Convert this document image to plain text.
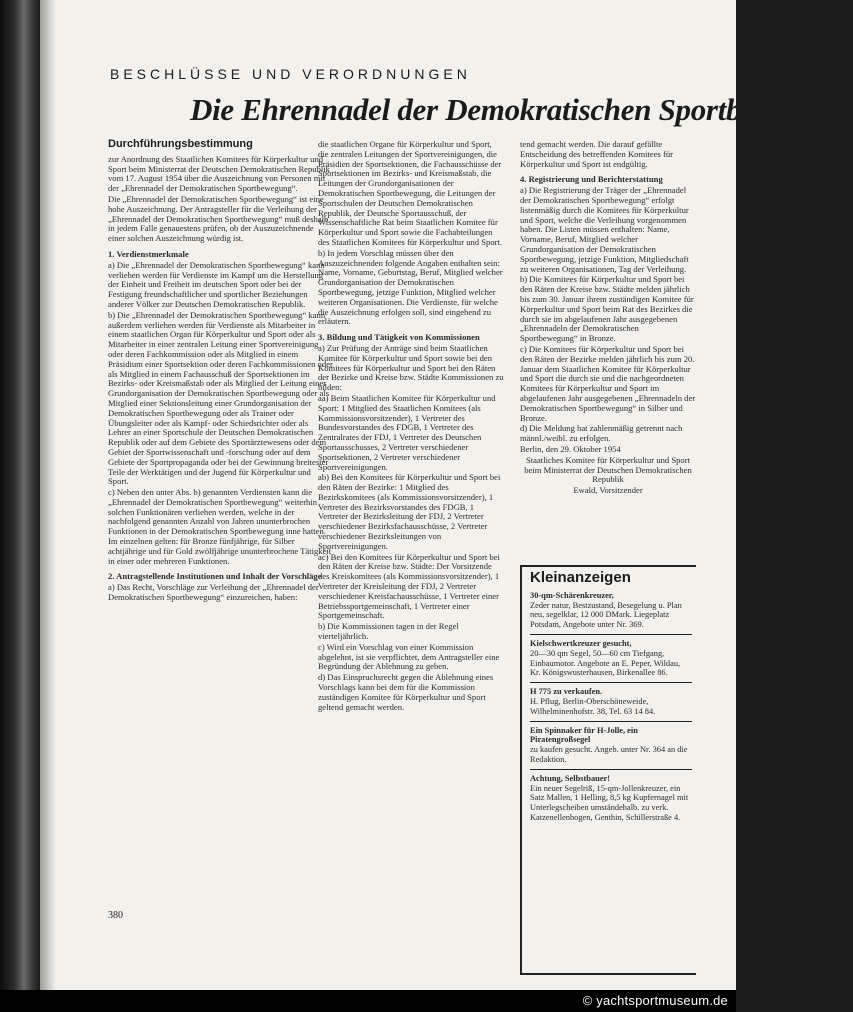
BESCHLÜSSE UND VERORDNUNGEN
Die Ehrennadel der Demokratischen Sportbewegung

Durchführungsbestimmung

zur Anordnung des Staatlichen Komitees für Körperkultur und Sport beim Ministerrat der Deutschen Demokratischen Republik vom 17. August 1954 über die Auszeichnung von Personen mit der „Ehrennadel der Demokratischen Sportbewegung“.

Die „Ehrennadel der Demokratischen Sportbewegung“ ist eine hohe Auszeichnung. Der Antragsteller für die Verleihung der „Ehrennadel der Demokratischen Sportbewegung“ muß deshalb in jedem Falle genauestens prüfen, ob der Auszuzeichnende einer solchen Auszeichnung würdig ist.

1. Verdienstmerkmale

a) Die „Ehrennadel der Demokratischen Sportbewegung“ kann verliehen werden für Verdienste im Kampf um die Herstellung der Einheit und Freiheit im deutschen Sport oder bei der Festigung freundschaftlicher und sportlicher Beziehungen anderer Völker zur Deutschen Demokratischen Republik.

b) Die „Ehrennadel der Demokratischen Sportbewegung“ kann außerdem verliehen werden für Verdienste als Mitarbeiter in einem staatlichen Organ für Körperkultur und Sport oder als Mitarbeiter in einer zentralen Leitung einer Sportvereinigung oder deren Fachkommission oder als Mitglied in einem Präsidium einer Sportsektion oder deren Fachkommissionen oder als Mitglied in einem Fachausschuß der Sportsektionen im Bezirks- oder Kreismaßstab oder als Mitglied der Leitung einer Grundorganisation der Demokratischen Sportbewegung oder als Mitglied einer Sektionsleitung einer Grundorganisation der Demokratischen Sportbewegung oder als Trainer oder Übungsleiter oder als Kampf- oder Schiedsrichter oder als Lehrer an einer Sportschule der Deutschen Demokratischen Republik oder auf dem Gebiete des Sportärztewesens oder dem Gebiet der Sportwissenschaft und -forschung oder auf dem Gebiete der Sportpropaganda oder bei der Gewinnung breitester Teile der Werktätigen und der Jugend für Körperkultur und Sport.

c) Neben den unter Abs. b) genannten Verdiensten kann die „Ehrennadel der Demokratischen Sportbewegung“ weiterhin solchen Funktionären verliehen werden, welche in der nachfolgend genannten Anzahl von Jahren ununterbrochen Funktionen in der Demokratischen Sportbewegung inne hatten. Im einzelnen gelten: für Bronze fünfjährige, für Silber achtjährige und für Gold zwölfjährige ununterbrochene Tätigkeit in einer oder mehreren Funktionen.

2. Antragstellende Institutionen und Inhalt der Vorschläge

a) Das Recht, Vorschläge zur Verleihung der „Ehrennadel der Demokratischen Sportbewegung“ einzureichen, haben:

die staatlichen Organe für Körperkultur und Sport, die zentralen Leitungen der Sportvereinigungen, die Präsidien der Sportsektionen, die Fachausschüsse der Sportsektionen im Bezirks- und Kreismaßstab, die Leitungen der Grundorganisationen der Demokratischen Sportbewegung, die Leitungen der Sportschulen der Deutschen Demokratischen Republik, der Deutsche Sportausschuß, der Wissenschaftliche Rat beim Staatlichen Komitee für Körperkultur und Sport sowie die Fachabteilungen des Staatlichen Komitees für Körperkultur und Sport.

b) In jedem Vorschlag müssen über den Auszuzeichnenden folgende Angaben enthalten sein: Name, Vorname, Geburtstag, Beruf, Mitglied welcher Grundorganisation der Demokratischen Sportbewegung, jetzige Funktion, Mitglied welcher weiteren Organisationen. Die Verdienste, für welche die Auszeichnung erfolgen soll, sind eingehend zu erläutern.

3. Bildung und Tätigkeit von Kommissionen

a) Zur Prüfung der Anträge sind beim Staatlichen Komitee für Körperkultur und Sport sowie bei den Komitees für Körperkultur und Sport bei den Räten der Bezirke und Kreise bzw. Städte Kommissionen zu bilden:

aa) Beim Staatlichen Komitee für Körperkultur und Sport: 1 Mitglied des Staatlichen Komitees (als Kommissionsvorsitzender), 1 Vertreter des Bundesvorstandes des FDGB, 1 Vertreter des Zentralrates der FDJ, 1 Vertreter des Deutschen Sportausschusses, 2 Vertreter verschiedener Sportsektionen, 2 Vertreter verschiedener Sportvereinigungen.

ab) Bei den Komitees für Körperkultur und Sport bei den Räten der Bezirke: 1 Mitglied des Bezirkskomitees (als Kommissionsvorsitzender), 1 Vertreter des Bezirksvorstandes des FDGB, 1 Vertreter der Bezirksleitung der FDJ, 2 Vertreter verschiedener Bezirksfachausschüsse, 2 Vertreter verschiedener Bezirksleitungen von Sportvereinigungen.

ac) Bei den Komitees für Körperkultur und Sport bei den Räten der Kreise bzw. Städte: Der Vorsitzende des Kreiskomitees (als Kommissionsvorsitzender), 1 Vertreter der Kreisleitung der FDJ, 2 Vertreter verschiedener Kreisfachausschüsse, 1 Vertreter einer Betriebssportgemeinschaft, 1 Vertreter einer Sportgemeinschaft.

b) Die Kommissionen tagen in der Regel vierteljährlich.

c) Wird ein Vorschlag von einer Kommission abgelehnt, ist sie verpflichtet, dem Antragsteller eine Begründung der Ablehnung zu geben.

d) Das Einspruchsrecht gegen die Ablehnung eines Vorschlags kann bei dem für die Kommission zuständigen Komitee für Körperkultur und Sport geltend gemacht werden.

tend gemacht werden. Die darauf gefällte Entscheidung des betreffenden Komitees für Körperkultur und Sport ist endgültig.

4. Registrierung und Berichterstattung

a) Die Registrierung der Träger der „Ehrennadel der Demokratischen Sportbewegung“ erfolgt listenmäßig durch die Komitees für Körperkultur und Sport, welche die Verleihung vorgenommen haben. Die Listen müssen enthalten: Name, Vorname, Beruf, Mitglied welcher Grundorganisation der Demokratischen Sportbewegung, jetzige Funktion, Mitgliedschaft zu weiteren Organisationen, Tag der Verleihung.

b) Die Komitees für Körperkultur und Sport bei den Räten der Kreise bzw. Städte melden jährlich bis zum 30. Januar ihrem zuständigen Komitee für Körperkultur und Sport beim Rat des Bezirkes die durch sie im abgelaufenen Jahr ausgegebenen „Ehrennadeln der Demokratischen Sportbewegung“ in Bronze.

c) Die Komitees für Körperkultur und Sport bei den Räten der Bezirke melden jährlich bis zum 20. Januar dem Staatlichen Komitee für Körperkultur und Sport die durch sie und die nachgeordneten Komitees für Körperkultur und Sport im abgelaufenen Jahr ausgegebenen „Ehrennadeln der Demokratischen Sportbewegung“ in Silber und Bronze.

d) Die Meldung hat zahlenmäßig getrennt nach männl./weibl. zu erfolgen.

Berlin, den 29. Oktober 1954

Staatliches Komitee für Körperkultur und Sport beim Ministerrat der Deutschen Demokratischen Republik

Ewald, Vorsitzender

Kleinanzeigen

30-qm-Schärenkreuzer,

Zeder natur, Bestzustand, Besegelung u. Plan neu, segelklar, 12 000 DMark. Liegeplatz Potsdam, Angebote unter Nr. 369.

Kielschwertkreuzer gesucht,

20—30 qm Segel, 50—60 cm Tiefgang, Einbaumotor. Angebote an E. Peper, Wildau, Kr. Königswusterhausen, Birkenallee 86.

H 775 zu verkaufen.

H. Pflug, Berlin-Oberschöneweide, Wilhelminenhofstr. 38, Tel. 63 14 84.

Ein Spinnaker für H-Jolle, ein Piratengroßsegel

zu kaufen gesucht. Angeb. unter Nr. 364 an die Redaktion.

Achtung, Selbstbauer!

Ein neuer Segelriß, 15-qm-Jollenkreuzer, ein Satz Mallen, 1 Helling, 8,5 kg Kupfernagel mit Unterlegscheiben umständehalb. zu verk. Katzenellenbogen, Genthin, Schillerstraße 4.

380
© yachtsportmuseum.de
